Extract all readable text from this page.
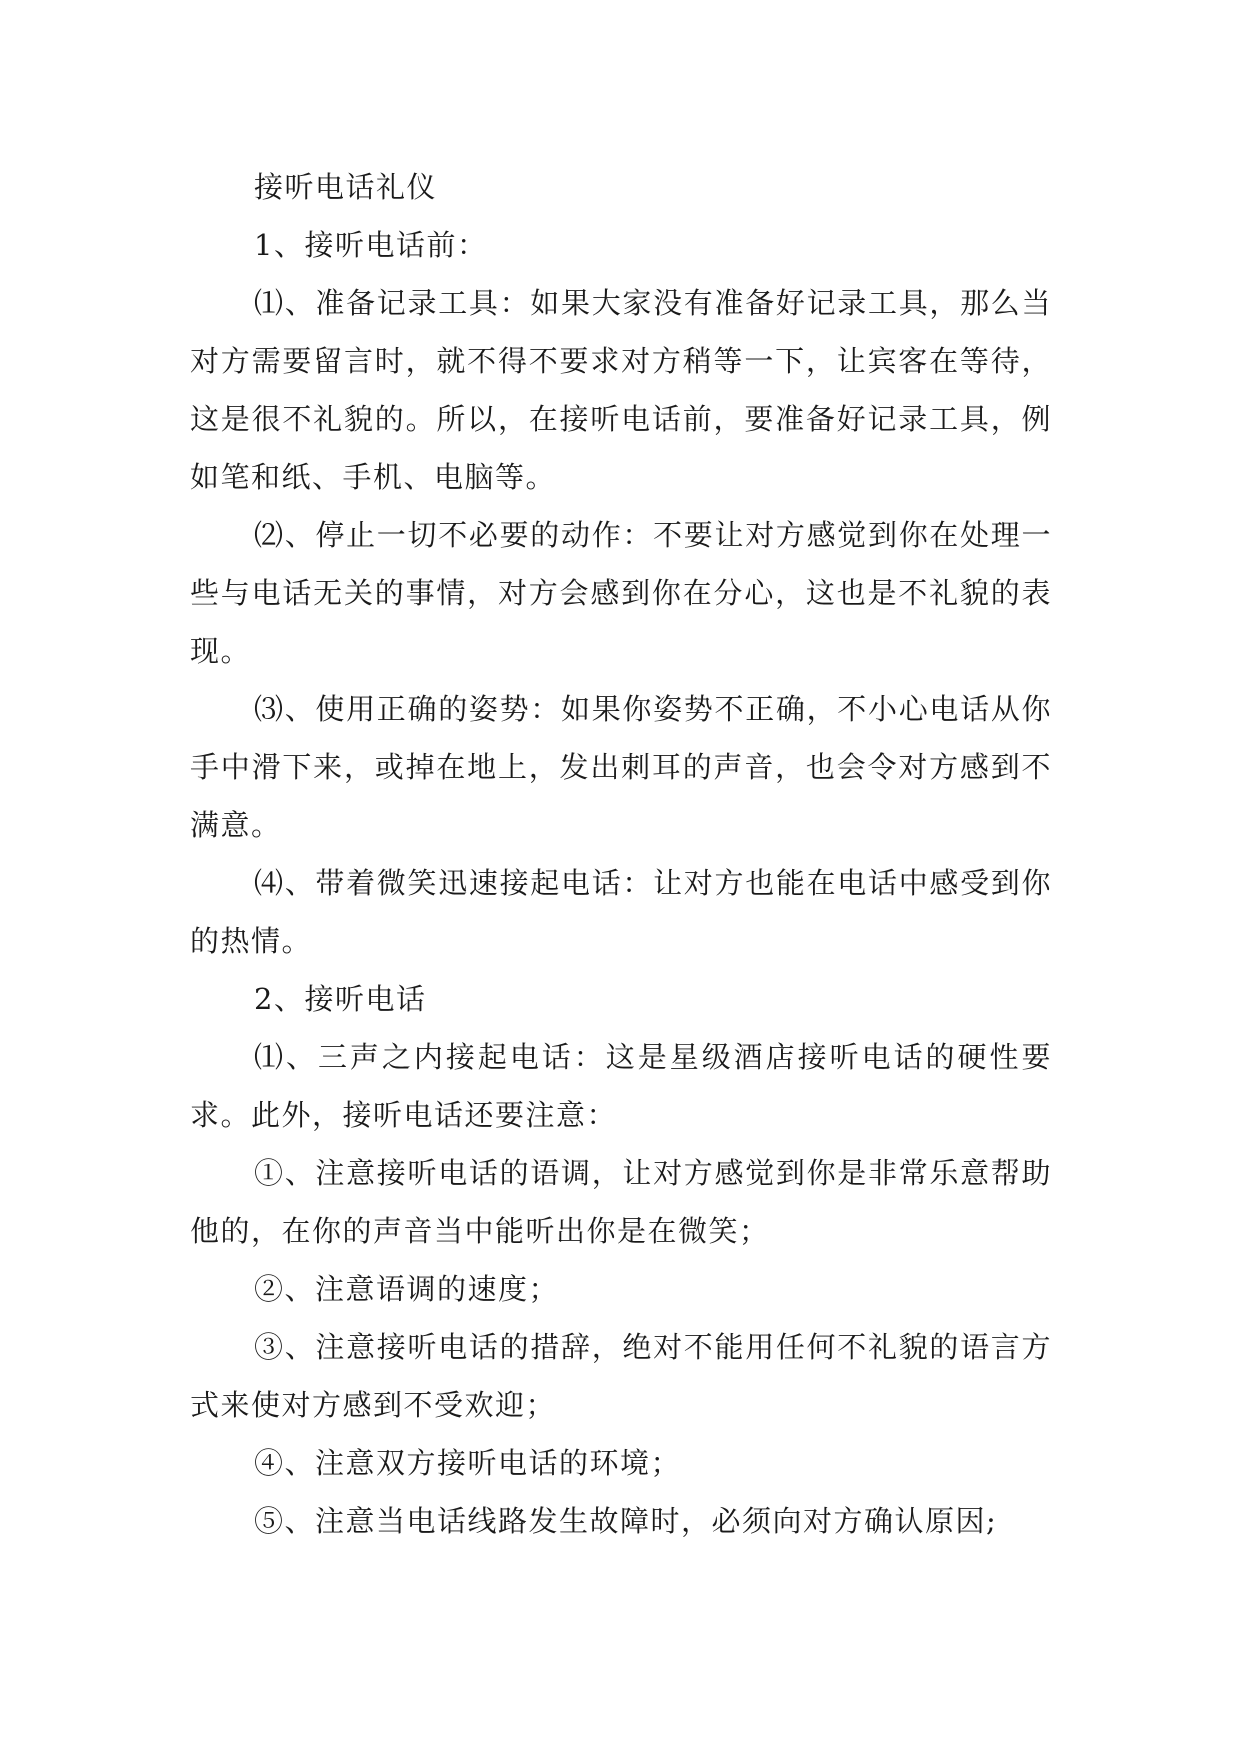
接听电话礼仪

1、接听电话前：

⑴、准备记录工具：如果大家没有准备好记录工具，那么当对方需要留言时，就不得不要求对方稍等一下，让宾客在等待，这是很不礼貌的。所以，在接听电话前，要准备好记录工具，例如笔和纸、手机、电脑等。

⑵、停止一切不必要的动作：不要让对方感觉到你在处理一些与电话无关的事情，对方会感到你在分心，这也是不礼貌的表现。

⑶、使用正确的姿势：如果你姿势不正确，不小心电话从你手中滑下来，或掉在地上，发出刺耳的声音，也会令对方感到不满意。

⑷、带着微笑迅速接起电话：让对方也能在电话中感受到你的热情。

2、接听电话

⑴、三声之内接起电话：这是星级酒店接听电话的硬性要求。此外，接听电话还要注意：

①、注意接听电话的语调，让对方感觉到你是非常乐意帮助他的，在你的声音当中能听出你是在微笑；

②、注意语调的速度；

③、注意接听电话的措辞，绝对不能用任何不礼貌的语言方式来使对方感到不受欢迎；

④、注意双方接听电话的环境；

⑤、注意当电话线路发生故障时，必须向对方确认原因;
